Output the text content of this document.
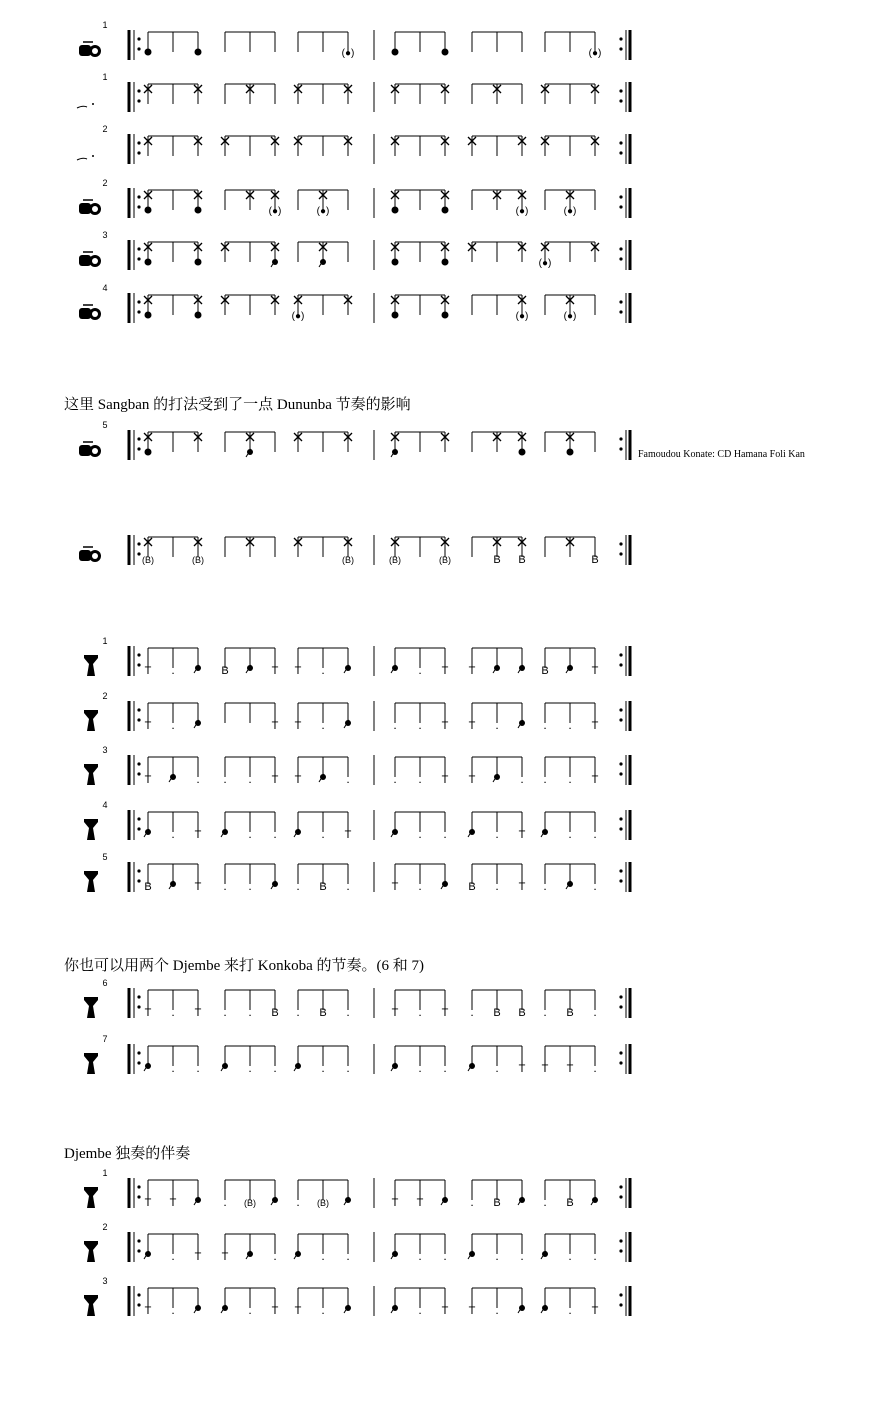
这里 Sangban 的打法受到了一点 Dununba 节奏的影响
Famoudou Konate: CD Hamana Foli Kan
你也可以用两个 Djembe 来打 Konkoba 的节奏。(6 和 7)
Djembe 独奏的伴奏
1
(●)	(●)
1
2
2
(●)	(●)	(●)	(●)
3
(●)
4
(●)	(●)	(●)
5
(B)	(B)	(B)	(B)	(B)	B B	B
1
T .	B	T T .	. T T	B	T
2
T .	T T .	. . T T .	. . T
3
T	. . . T T	.	. . T T	. . . T
4
. T	. .	. T	. .	. T	. .
5
B	T . .	. B .	T .	B . T .	.
6
T . T . . B . B .	T . T . B B . B .
7
. .	. .	. .	. .	. T T T .
1
T T	. (B)	. (B)	T T	. B	. B
2
. T T	.	. .	. .	. .	. .
3
T .	. T T .	. T T .	. T
